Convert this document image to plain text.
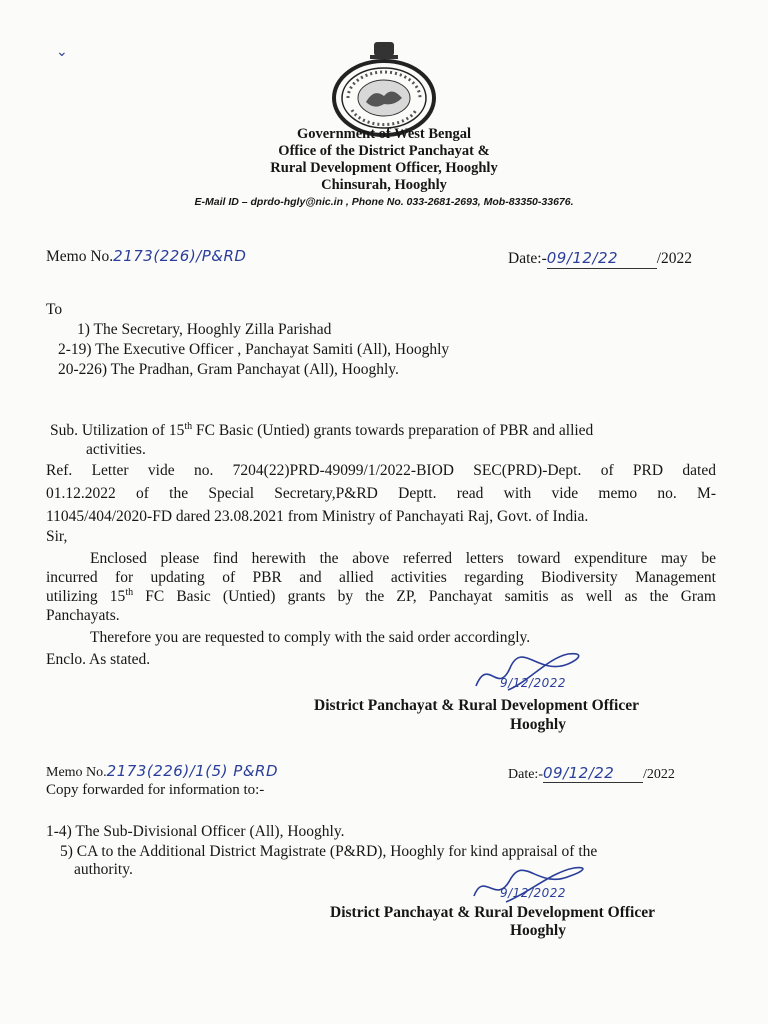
⌄
Government of West Bengal
Office of the District Panchayat &
Rural Development Officer, Hooghly
Chinsurah, Hooghly
E-Mail ID – dprdo-hgly@nic.in , Phone No. 033-2681-2693, Mob-83350-33676.
Memo No.2173(226)/P&RD	Date:-09/12/22 /2022
To
1) The Secretary, Hooghly Zilla Parishad
2-19) The Executive Officer , Panchayat Samiti (All), Hooghly
20-226) The Pradhan, Gram Panchayat (All), Hooghly.
Sub. Utilization of 15th FC Basic (Untied) grants towards preparation of PBR and allied
activities.
Ref. Letter vide no. 7204(22)PRD-49099/1/2022-BIOD SEC(PRD)-Dept. of PRD dated
01.12.2022 of the Special Secretary,P&RD Deptt. read with vide memo no. M-
11045/404/2020-FD dared 23.08.2021 from Ministry of Panchayati Raj, Govt. of India.
Sir,
Enclosed please find herewith the above referred letters toward expenditure may be
incurred for updating of PBR and allied activities regarding Biodiversity Management
utilizing 15th FC Basic (Untied) grants by the ZP, Panchayat samitis as well as the Gram
Panchayats.
Therefore you are requested to comply with the said order accordingly.
Enclo. As stated.
9/12/2022
District Panchayat & Rural Development Officer
Hooghly
Memo No.2173(226)/1(5) P&RD	Date:-09/12/22 /2022
Copy forwarded for information to:-
1-4) The Sub-Divisional Officer (All), Hooghly.
5) CA to the Additional District Magistrate (P&RD), Hooghly for kind appraisal of the
authority.
9/12/2022
District Panchayat & Rural Development Officer
Hooghly
